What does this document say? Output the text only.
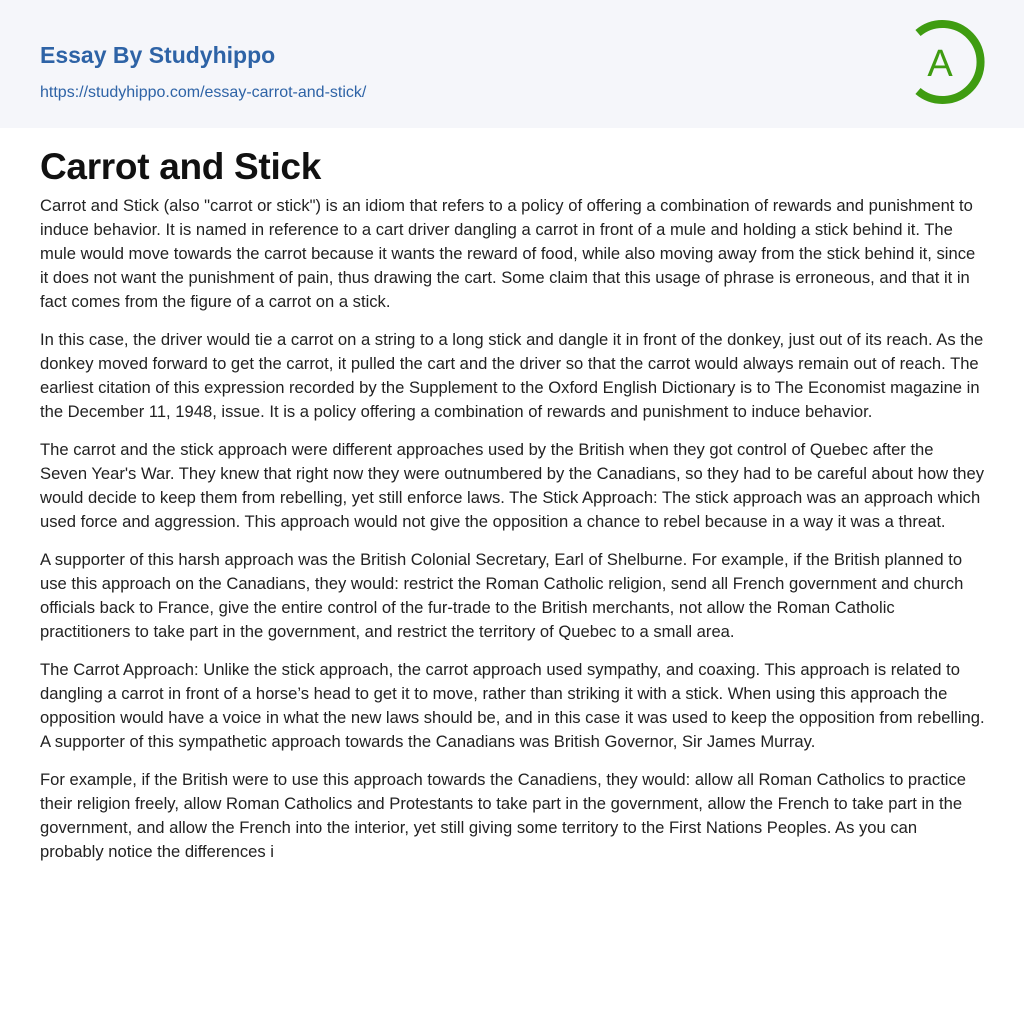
Essay By Studyhippo
https://studyhippo.com/essay-carrot-and-stick/
A
Carrot and Stick

Carrot and Stick (also "carrot or stick") is an idiom that refers to a policy of offering a combination of rewards and punishment to induce behavior. It is named in reference to a cart driver dangling a carrot in front of a mule and holding a stick behind it. The mule would move towards the carrot because it wants the reward of food, while also moving away from the stick behind it, since it does not want the punishment of pain, thus drawing the cart. Some claim that this usage of phrase is erroneous, and that it in fact comes from the figure of a carrot on a stick.

In this case, the driver would tie a carrot on a string to a long stick and dangle it in front of the donkey, just out of its reach. As the donkey moved forward to get the carrot, it pulled the cart and the driver so that the carrot would always remain out of reach. The earliest citation of this expression recorded by the Supplement to the Oxford English Dictionary is to The Economist magazine in the December 11, 1948, issue. It is a policy offering a combination of rewards and punishment to induce behavior.

The carrot and the stick approach were different approaches used by the British when they got control of Quebec after the Seven Year's War. They knew that right now they were outnumbered by the Canadians, so they had to be careful about how they would decide to keep them from rebelling, yet still enforce laws. The Stick Approach: The stick approach was an approach which used force and aggression. This approach would not give the opposition a chance to rebel because in a way it was a threat.

A supporter of this harsh approach was the British Colonial Secretary, Earl of Shelburne. For example, if the British planned to use this approach on the Canadians, they would: restrict the Roman Catholic religion, send all French government and church officials back to France, give the entire control of the fur-trade to the British merchants, not allow the Roman Catholic practitioners to take part in the government, and restrict the territory of Quebec to a small area.

The Carrot Approach: Unlike the stick approach, the carrot approach used sympathy, and coaxing. This approach is related to dangling a carrot in front of a horse’s head to get it to move, rather than striking it with a stick. When using this approach the opposition would have a voice in what the new laws should be, and in this case it was used to keep the opposition from rebelling. A supporter of this sympathetic approach towards the Canadians was British Governor, Sir James Murray.

For example, if the British were to use this approach towards the Canadiens, they would: allow all Roman Catholics to practice their religion freely, allow Roman Catholics and Protestants to take part in the government, allow the French to take part in the government, and allow the French into the interior, yet still giving some territory to the First Nations Peoples. As you can probably notice the differences i
